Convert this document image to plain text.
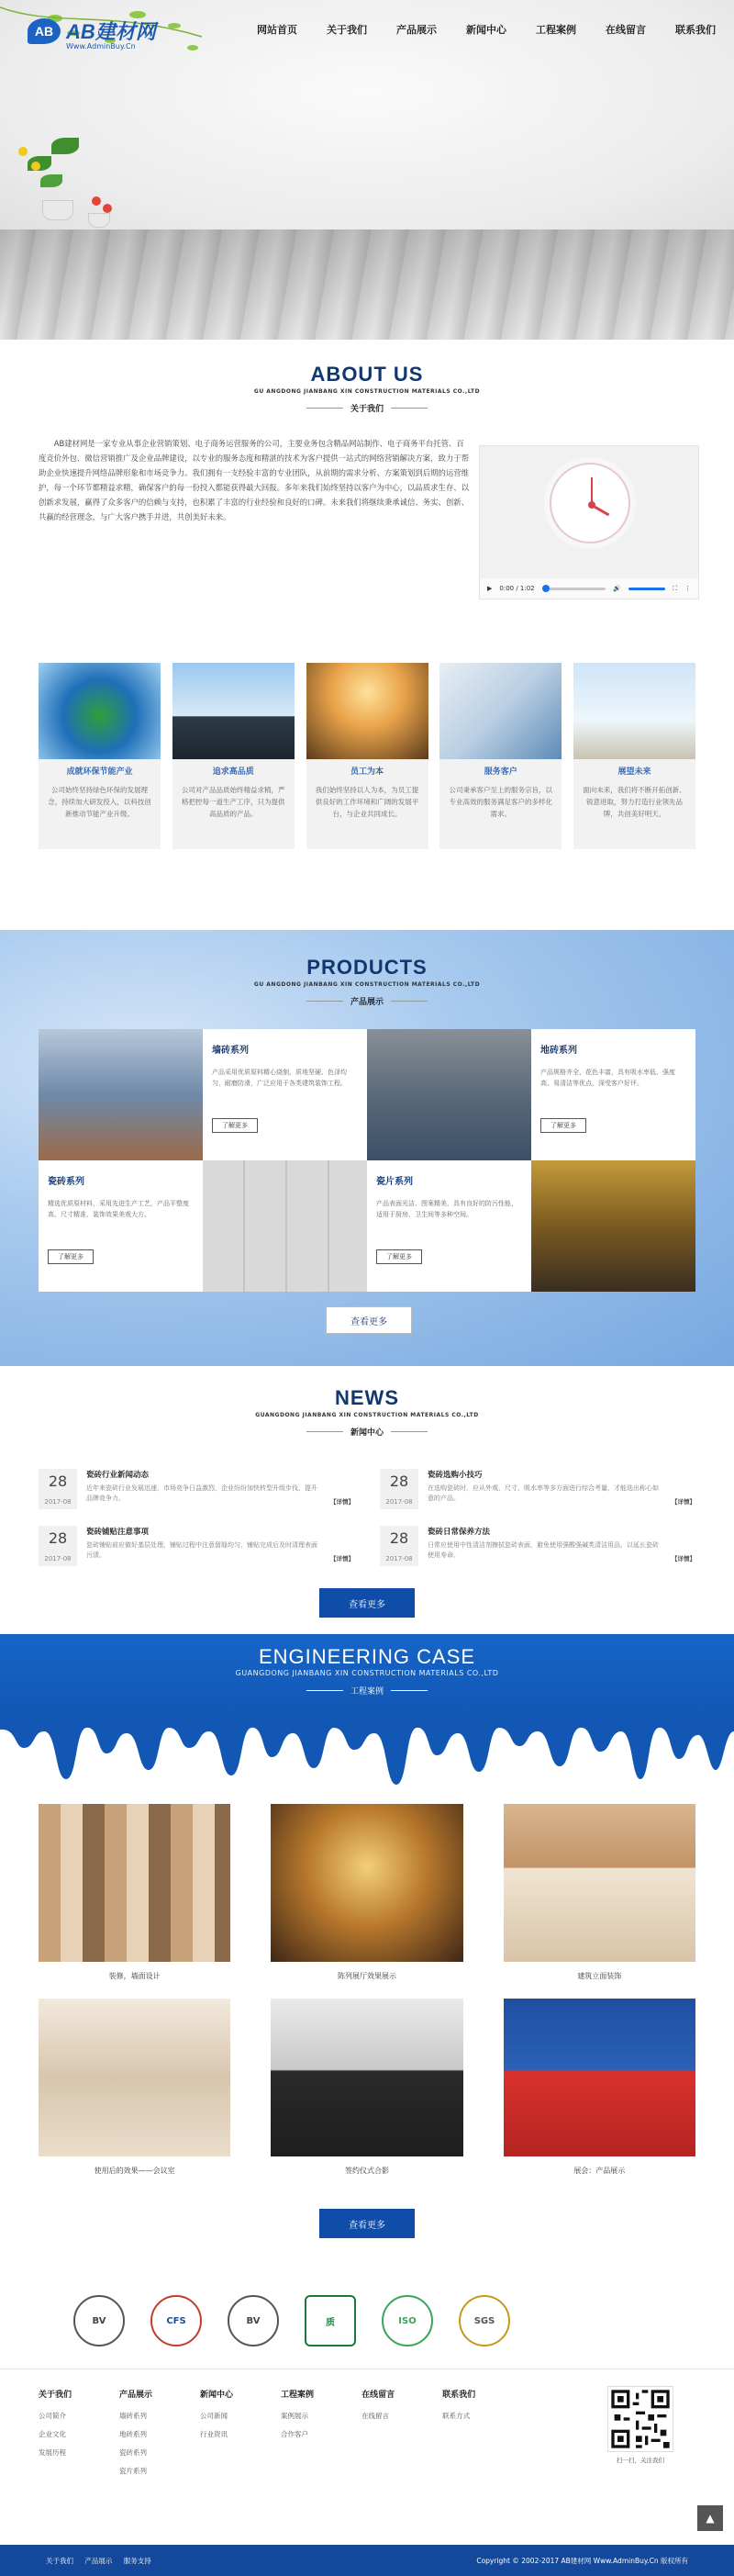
AB AB建材网
Www.AdminBuy.Cn
网站首页	关于我们	产品展示	新闻中心	工程案例	在线留言	联系我们
ABOUT US
GU ANGDONG JIANBANG XIN CONSTRUCTION MATERIALS CO.,LTD
关于我们

AB建材网是一家专业从事企业营销策划、电子商务运营服务的公司，主要业务包含精品网站制作、电子商务平台托管、百度竞价外包、微信营销推广及企业品牌建设，以专业的服务态度和精湛的技术为客户提供一站式的网络营销解决方案，致力于帮助企业快速提升网络品牌形象和市场竞争力。我们拥有一支经验丰富的专业团队，从前期的需求分析、方案策划到后期的运营维护，每一个环节都精益求精，确保客户的每一份投入都能获得最大回报。多年来我们始终坚持以客户为中心，以品质求生存、以创新求发展，赢得了众多客户的信赖与支持，也积累了丰富的行业经验和良好的口碑。未来我们将继续秉承诚信、务实、创新、共赢的经营理念，与广大客户携手并进，共创美好未来。

▶ 0:00 / 1:02	🔊	⛶ ⋮
成就环保节能产业

公司始终坚持绿色环保的发展理念，持续加大研发投入，以科技创新推动节能产业升级。

追求高品质

公司对产品品质始终精益求精，严格把控每一道生产工序，只为提供高品质的产品。

员工为本

我们始终坚持以人为本，为员工提供良好的工作环境和广阔的发展平台，与企业共同成长。

服务客户

公司秉承客户至上的服务宗旨，以专业高效的服务满足客户的多样化需求。

展望未来

面向未来，我们将不断开拓创新、锐意进取，努力打造行业领先品牌，共创美好明天。

PRODUCTS
GU ANGDONG JIANBANG XIN CONSTRUCTION MATERIALS CO.,LTD
产品展示
墙砖系列

产品采用优质原料精心烧制，质地坚硬、色泽均匀，耐磨防滑，广泛应用于各类建筑装饰工程。

了解更多
地砖系列

产品规格齐全、花色丰富，具有吸水率低、强度高、易清洁等优点，深受客户好评。

了解更多
瓷砖系列

精选优质原材料，采用先进生产工艺，产品平整度高、尺寸精准，装饰效果美观大方。

了解更多
瓷片系列

产品表面光洁、图案精美，具有良好的防污性能，适用于厨房、卫生间等多种空间。

了解更多
查看更多
NEWS
GUANGDONG JIANBANG XIN CONSTRUCTION MATERIALS CO.,LTD
新闻中心
28
2017-08
瓷砖行业新闻动态

近年来瓷砖行业发展迅速，市场竞争日益激烈，企业纷纷加快转型升级步伐，提升品牌竞争力。	【详情】
28
2017-08
瓷砖选购小技巧

在选购瓷砖时，应从外观、尺寸、吸水率等多方面进行综合考量，才能选出称心如意的产品。	【详情】
28
2017-08
瓷砖铺贴注意事项

瓷砖铺贴前应做好基层处理，铺贴过程中注意留缝均匀，铺贴完成后及时清理表面污渍。	【详情】
28
2017-08
瓷砖日常保养方法

日常应使用中性清洁剂擦拭瓷砖表面，避免使用强酸强碱类清洁用品，以延长瓷砖使用寿命。	【详情】
查看更多
ENGINEERING CASE
GUANGDONG JIANBANG XIN CONSTRUCTION MATERIALS CO.,LTD
工程案例
装修，墙面设计	陈列展厅效果展示	建筑立面装饰
使用后的效果——会议室	签约仪式合影	展会：产品展示
查看更多
BV	CFS	BV	质	ISO	SGS
关于我们
公司简介
企业文化
发展历程
产品展示
墙砖系列
地砖系列
瓷砖系列
瓷片系列
新闻中心
公司新闻
行业资讯
工程案例
案例展示
合作客户
在线留言
在线留言
联系我们
联系方式
扫一扫，关注我们
▲
关于我们 产品展示 服务支持	Copyright © 2002-2017 AB建材网 Www.AdminBuy.Cn 版权所有
